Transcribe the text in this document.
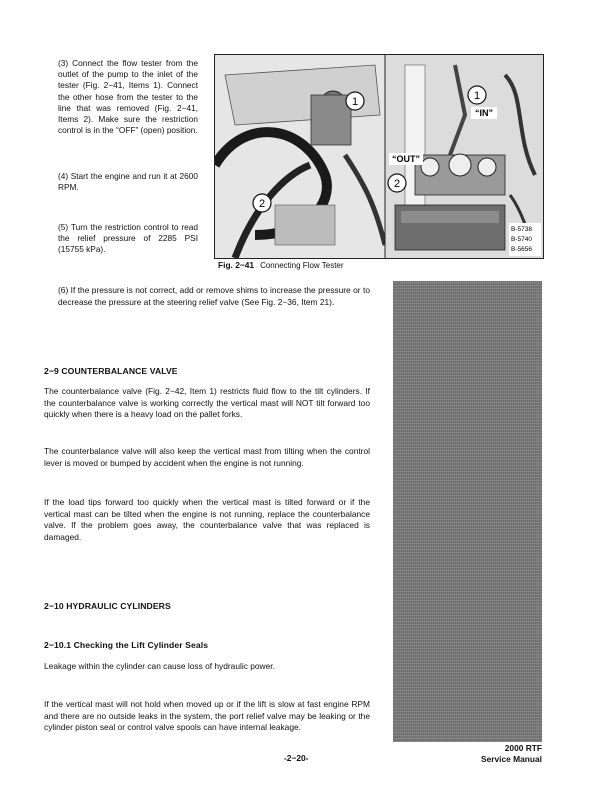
(3) Connect the flow tester from the outlet of the pump to the inlet of the tester (Fig. 2−41, Items 1). Connect the other hose from the tester to the line that was removed (Fig. 2−41, Items 2). Make sure the restriction control is in the “OFF” (open) position.
(4) Start the engine and run it at 2600 RPM.
(5) Turn the restriction control to read the relief pressure of 2285 PSI (15755 kPa).
1
2
1
2
“IN”
“OUT”
B-5738
B-5740
B-5656
Fig. 2−41 Connecting Flow Tester
(6) If the pressure is not correct, add or remove shims to increase the pressure or to decrease the pressure at the steering relief valve (See Fig. 2−36, Item 21).
2−9 COUNTERBALANCE VALVE
The counterbalance valve (Fig. 2−42, Item 1) restricts fluid flow to the tilt cylinders. If the counterbalance valve is working correctly the vertical mast will NOT tilt forward too quickly when there is a heavy load on the pallet forks.
The counterbalance valve will also keep the vertical mast from tilting when the control lever is moved or bumped by accident when the engine is not running.
If the load tips forward too quickly when the vertical mast is tilted forward or if the vertical mast can be tilted when the engine is not running, replace the counterbalance valve. If the problem goes away, the counterbalance valve that was replaced is damaged.
2−10 HYDRAULIC CYLINDERS
2−10.1 Checking the Lift Cylinder Seals
Leakage within the cylinder can cause loss of hydraulic power.
If the vertical mast will not hold when moved up or if the lift is slow at fast engine RPM and there are no outside leaks in the system, the port relief valve may be leaking or the cylinder piston seal or control valve spools can have internal leakage.
-2−20-
2000 RTF
Service Manual
